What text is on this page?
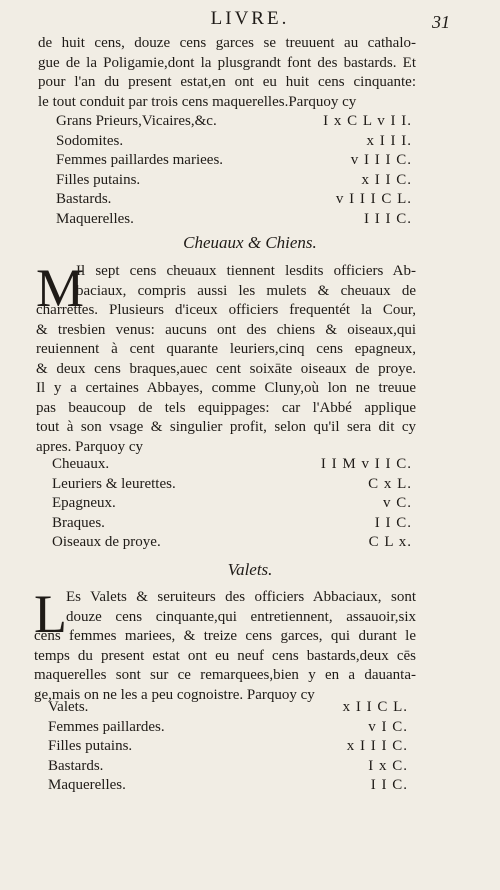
LIVRE.	31
de huit cens, douze cens garces se treuuent au cathalo-
gue de la Poligamie,dont la plusgrandt font des bastards. Et
pour l'an du present estat,en ont eu huit cens cinquante:
le tout conduit par trois cens maquerelles.Parquoy cy
Grans Prieurs,Vicaires,&c.	I x C L v I I.
Sodomites.	x I I I.
Femmes paillardes mariees.	v I I I C.
Filles putains.	x I I C.
Bastards.	v I I I C L.
Maquerelles.	I I I C.
Cheuaux & Chiens.
M
Il sept cens cheuaux tiennent lesdits officiers Ab-
baciaux, compris aussi les mulets & cheuaux de
charrettes. Plusieurs d'iceux officiers frequentét la Cour,
& tresbien venus: aucuns ont des chiens & oiseaux,qui
reuiennent à cent quarante leuriers,cinq cens epagneux,
& deux cens braques,auec cent soixāte oiseaux de proye.
Il y a certaines Abbayes, comme Cluny,où lon ne treuue
pas beaucoup de tels equippages: car l'Abbé applique
tout à son vsage & singulier profit, selon qu'il sera dit cy
apres. Parquoy cy
Cheuaux.	I I M v I I C.
Leuriers & leurettes.	C x L.
Epagneux.	v C.
Braques.	I I C.
Oiseaux de proye.	C L x.
Valets.
L Es Valets & seruiteurs des officiers Abbaciaux, sont
douze cens cinquante,qui entretiennent, assauoir,six
cens femmes mariees, & treize cens garces, qui durant le
temps du present estat ont eu neuf cens bastards,deux cēs
maquerelles sont sur ce remarquees,bien y en a dauanta-
ge,mais on ne les a peu cognoistre. Parquoy cy
Valets.	x I I C L.
Femmes paillardes.	v I C.
Filles putains.	x I I I C.
Bastards.	I x C.
Maquerelles.	I I C.
